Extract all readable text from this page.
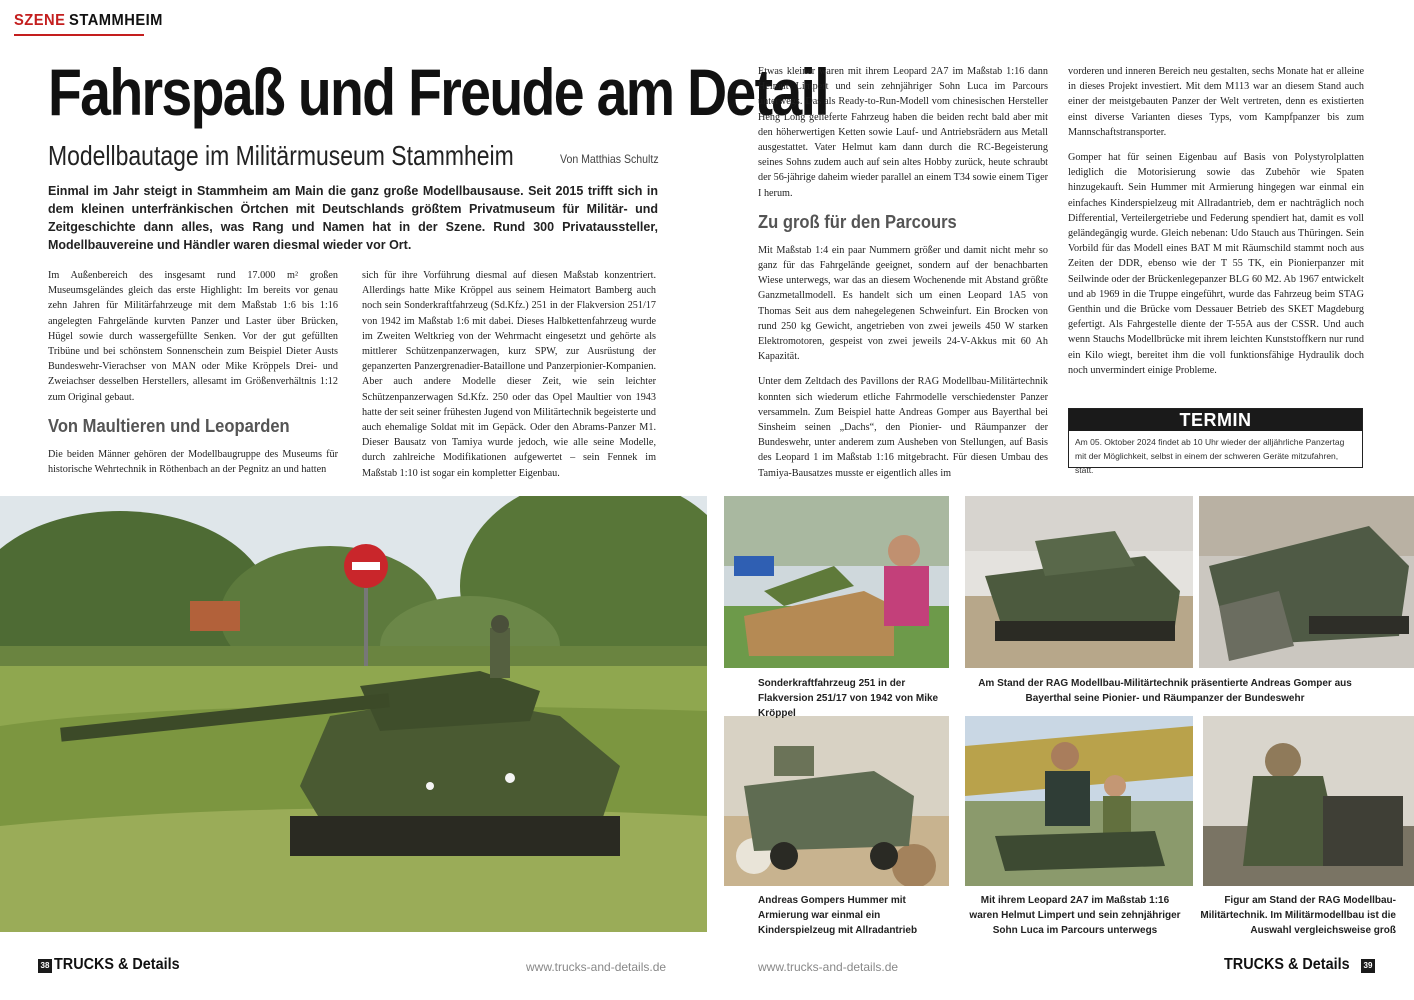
SZENE STAMMHEIM
Fahrspaß und Freude am Detail
Modellbautage im Militärmuseum Stammheim	Von Matthias Schultz

Einmal im Jahr steigt in Stammheim am Main die ganz große Modellbausause. Seit 2015 trifft sich in dem kleinen unterfränkischen Örtchen mit Deutschlands größtem Privatmuseum für Militär- und Zeitgeschichte dann alles, was Rang und Namen hat in der Szene. Rund 300 Privataussteller, Modellbauvereine und Händler waren diesmal wieder vor Ort.

Im Außenbereich des insgesamt rund 17.000 m² großen Museumsgeländes gleich das erste Highlight: Im bereits vor genau zehn Jahren für Militärfahrzeuge mit dem Maßstab 1:6 bis 1:16 angelegten Fahrgelände kurvten Panzer und Laster über Brücken, Hügel sowie durch wassergefüllte Senken. Vor der gut gefüllten Tribüne und bei schönstem Sonnenschein zum Beispiel Dieter Austs Bundeswehr-Vierachser von MAN oder Mike Kröppels Drei- und Zweiachser desselben Herstellers, allesamt im Größenverhältnis 1:12 zum Original gebaut.

Von Maultieren und Leoparden

Die beiden Männer gehören der Modellbaugruppe des Museums für historische Wehrtechnik in Röthenbach an der Pegnitz an und hatten

sich für ihre Vorführung diesmal auf diesen Maßstab konzentriert. Allerdings hatte Mike Kröppel aus seinem Heimatort Bamberg auch noch sein Sonderkraftfahrzeug (Sd.Kfz.) 251 in der Flakversion 251/17 von 1942 im Maßstab 1:6 mit dabei. Dieses Halbkettenfahrzeug wurde im Zweiten Weltkrieg von der Wehrmacht eingesetzt und gehörte als mittlerer Schützenpanzerwagen, kurz SPW, zur Ausrüstung der gepanzerten Panzergrenadier-Bataillone und Panzerpionier-Kompanien. Aber auch andere Modelle dieser Zeit, wie sein leichter Schützenpanzerwagen Sd.Kfz. 250 oder das Opel Maultier von 1943 hatte der seit seiner frühesten Jugend von Militärtechnik begeisterte und auch ehemalige Soldat mit im Gepäck. Oder den Abrams-Panzer M1. Dieser Bausatz von Tamiya wurde jedoch, wie alle seine Modelle, durch zahlreiche Modifikationen aufgewertet – sein Fennek im Maßstab 1:10 ist sogar ein kompletter Eigenbau.

Etwas kleiner waren mit ihrem Leopard 2A7 im Maßstab 1:16 dann Helmut Limpert und sein zehnjähriger Sohn Luca im Parcours unterwegs. Das als Ready-to-Run-Modell vom chinesischen Hersteller Heng Long gelieferte Fahrzeug haben die beiden recht bald aber mit den höherwertigen Ketten sowie Lauf- und Antriebsrädern aus Metall ausgestattet. Vater Helmut kam dann durch die RC-Begeisterung seines Sohns zudem auch auf sein altes Hobby zurück, heute schraubt der 56-jährige daheim wieder parallel an einem T34 sowie einem Tiger I herum.

Zu groß für den Parcours

Mit Maßstab 1:4 ein paar Nummern größer und damit nicht mehr so ganz für das Fahrgelände geeignet, sondern auf der benachbarten Wiese unterwegs, war das an diesem Wochenende mit Abstand größte Ganzmetallmodell. Es handelt sich um einen Leopard 1A5 von Thomas Seit aus dem nahegelegenen Schweinfurt. Ein Brocken von rund 250 kg Gewicht, angetrieben von zwei jeweils 450 W starken Elektromotoren, gespeist von zwei jeweils 24-V-Akkus mit 60 Ah Kapazität.

Unter dem Zeltdach des Pavillons der RAG Modellbau-Militärtechnik konnten sich wiederum etliche Fahrmodelle verschiedenster Panzer versammeln. Zum Beispiel hatte Andreas Gomper aus Bayerthal bei Sinsheim seinen „Dachs“, den Pionier- und Räumpanzer der Bundeswehr, unter anderem zum Ausheben von Stellungen, auf Basis des Leopard 1 im Maßstab 1:16 mitgebracht. Für diesen Umbau des Tamiya-Bausatzes musste er eigentlich alles im

vorderen und inneren Bereich neu gestalten, sechs Monate hat er alleine in dieses Projekt investiert. Mit dem M113 war an diesem Stand auch einer der meistgebauten Panzer der Welt vertreten, denn es existierten einst diverse Varianten dieses Typs, vom Kampfpanzer bis zum Mannschaftstransporter.

Gomper hat für seinen Eigenbau auf Basis von Polystyrolplatten lediglich die Motorisierung sowie das Zubehör wie Spaten hinzugekauft. Sein Hummer mit Armierung hingegen war einmal ein einfaches Kinderspielzeug mit Allradantrieb, dem er nachträglich noch Differential, Verteilergetriebe und Federung spendiert hat, damit es voll geländegängig wurde. Gleich nebenan: Udo Stauch aus Thüringen. Sein Vorbild für das Modell eines BAT M mit Räumschild stammt noch aus Zeiten der DDR, ebenso wie der T 55 TK, ein Pionierpanzer mit Seilwinde oder der Brückenlegepanzer BLG 60 M2. Ab 1967 entwickelt und ab 1969 in die Truppe eingeführt, wurde das Fahrzeug beim STAG Genthin und die Brücke vom Dessauer Betrieb des SKET Magdeburg gefertigt. Als Fahrgestelle diente der T-55A aus der CSSR. Und auch wenn Stauchs Modellbrücke mit ihrem leichten Kunststoffkern nur rund ein Kilo wiegt, bereitet ihm die voll funktionsfähige Hydraulik doch noch unvermindert einige Probleme.

TERMIN
Am 05. Oktober 2024 findet ab 10 Uhr wieder der alljährliche Panzertag mit der Möglichkeit, selbst in einem der schweren Geräte mitzufahren, statt.
Sonderkraftfahrzeug 251 in der Flakversion 251/17 von 1942 von Mike Kröppel
Am Stand der RAG Modellbau-Militärtechnik präsentierte Andreas Gomper aus Bayerthal seine Pionier- und Räumpanzer der Bundeswehr
Andreas Gompers Hummer mit Armierung war einmal ein Kinderspielzeug mit Allradantrieb
Mit ihrem Leopard 2A7 im Maßstab 1:16 waren Helmut Limpert und sein zehnjähriger Sohn Luca im Parcours unterwegs
Figur am Stand der RAG Modellbau-Militärtechnik. Im Militärmodellbau ist die Auswahl vergleichsweise groß
38 TRUCKS & Details	www.trucks-and-details.de	www.trucks-and-details.de	TRUCKS & Details	39
